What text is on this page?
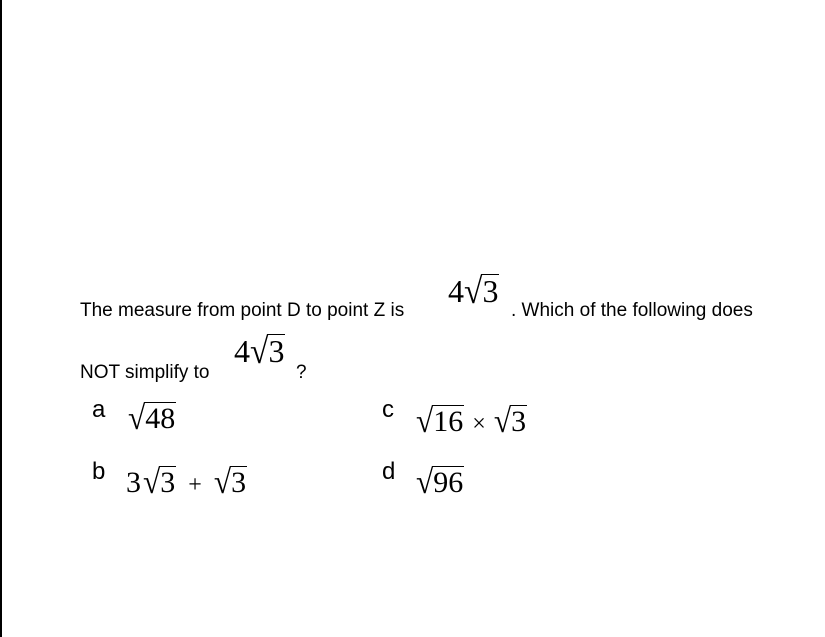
The measure from point D to point Z is
4√3
. Which of the following does
NOT simplify to
4√3
?
a √48	c √16 × √3
b 3√3 + √3	d √96
